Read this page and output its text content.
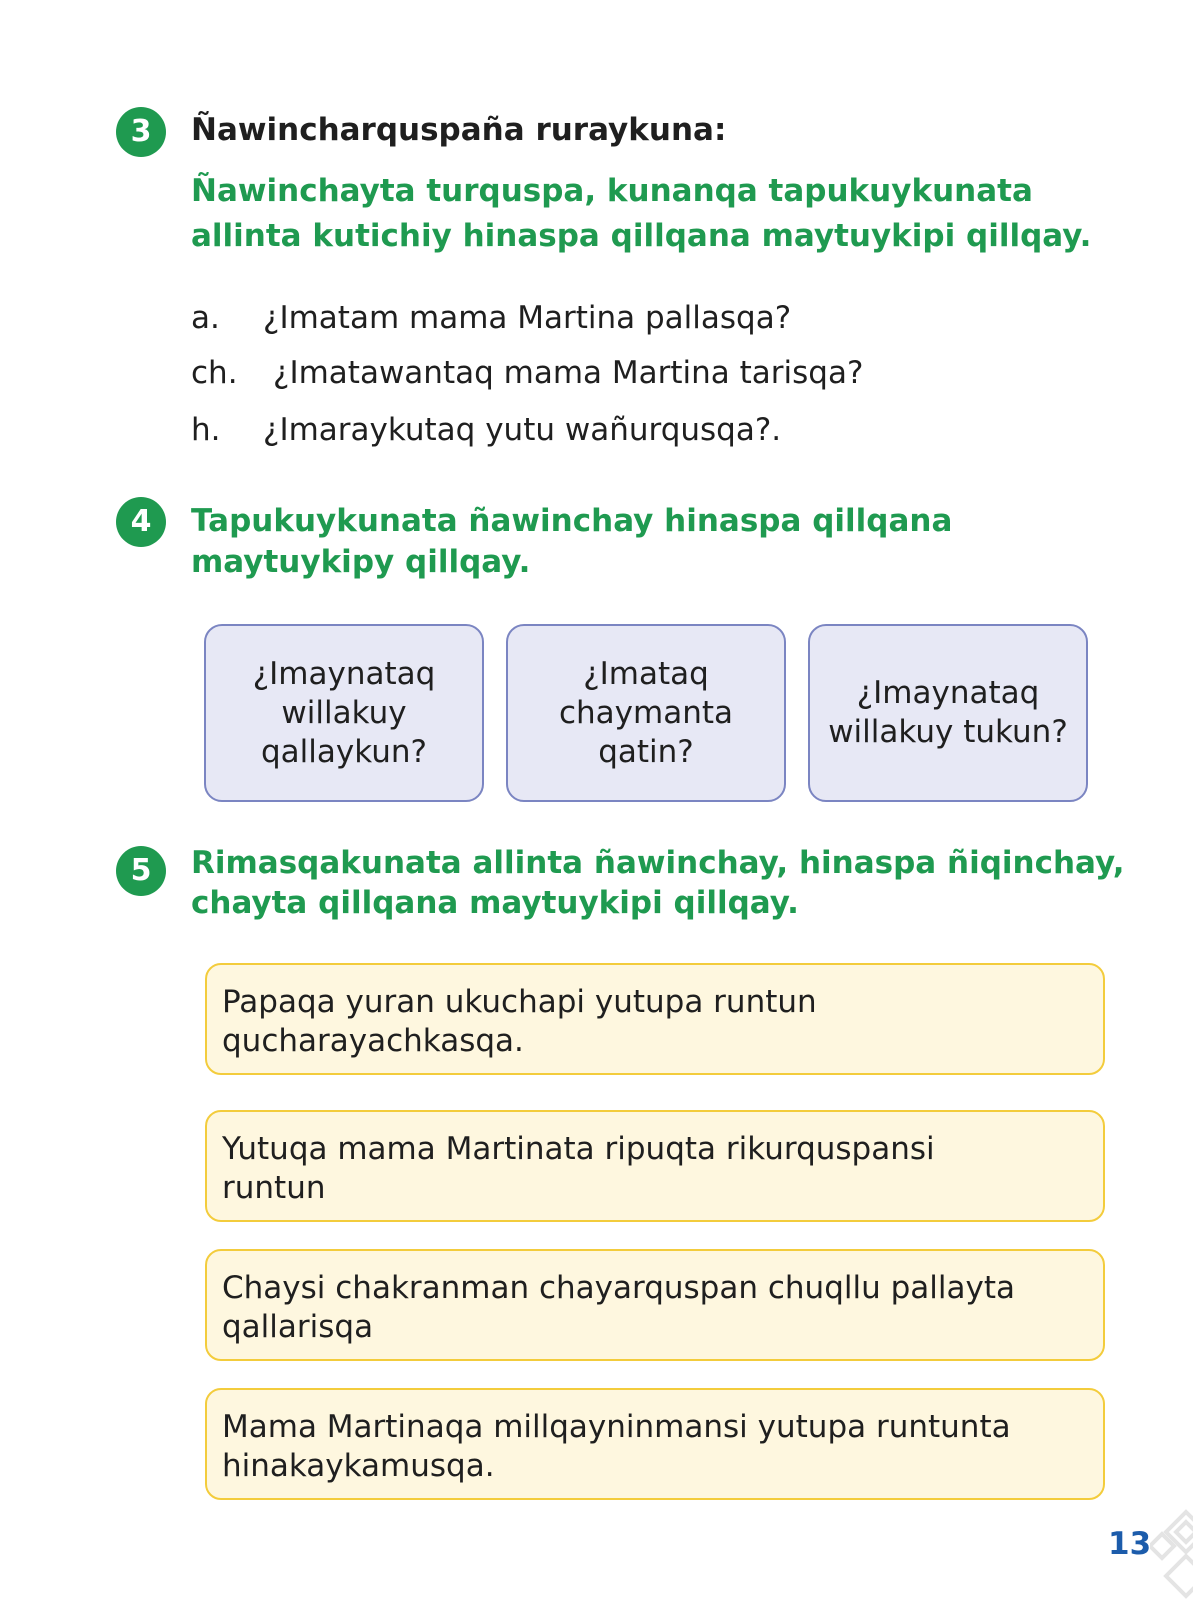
3	Ñawincharquspaña ruraykuna:
Ñawinchayta turquspa, kunanqa tapukuykunata
allinta kutichiy hinaspa qillqana maytuykipi qillqay.
a. ¿Imatam mama Martina pallasqa?
ch. ¿Imatawantaq mama Martina tarisqa?
h. ¿Imaraykutaq yutu wañurqusqa?.
4	Tapukuykunata ñawinchay hinaspa qillqana
maytuykipy qillqay.
¿Imaynataq
willakuy
qallaykun?
¿Imataq
chaymanta
qatin?
¿Imaynataq
willakuy tukun?
5	Rimasqakunata allinta ñawinchay, hinaspa ñiqinchay,
chayta qillqana maytuykipi qillqay.
Papaqa yuran ukuchapi yutupa runtun
qucharayachkasqa.
Yutuqa mama Martinata ripuqta rikurquspansi
runtun
Chaysi chakranman chayarquspan chuqllu pallayta
qallarisqa
Mama Martinaqa millqayninmansi yutupa runtunta
hinakaykamusqa.
13
